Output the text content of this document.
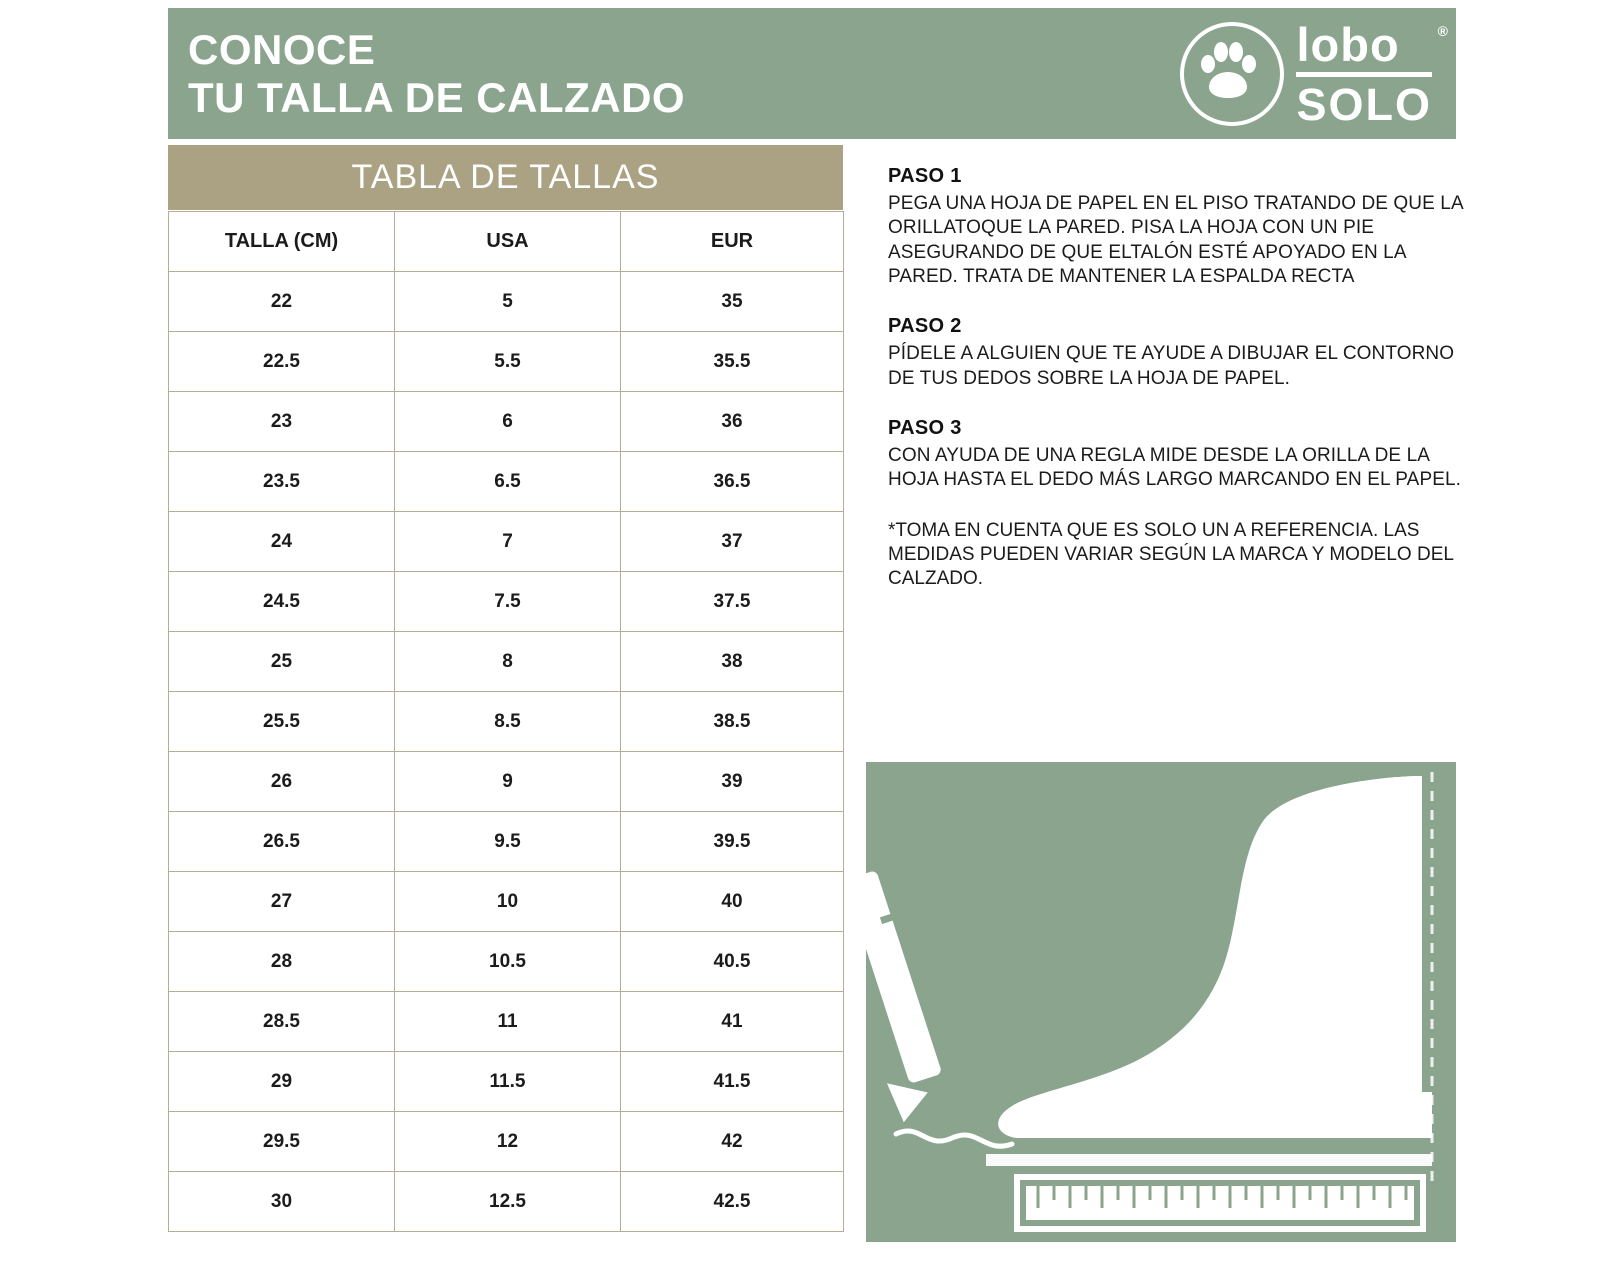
CONOCE
TU TALLA DE CALZADO
lobo
SOLO
®
TABLA DE TALLAS
TALLA (CM)	USA	EUR
22	5	35
22.5	5.5	35.5
23	6	36
23.5	6.5	36.5
24	7	37
24.5	7.5	37.5
25	8	38
25.5	8.5	38.5
26	9	39
26.5	9.5	39.5
27	10	40
28	10.5	40.5
28.5	11	41
29	11.5	41.5
29.5	12	42
30	12.5	42.5
PASO 1
PEGA UNA HOJA DE PAPEL EN EL PISO TRATANDO DE QUE LA ORILLATOQUE LA PARED. PISA LA HOJA CON UN PIE ASEGURANDO DE QUE ELTALÓN ESTÉ APOYADO EN LA PARED. TRATA DE MANTENER LA ESPALDA RECTA
PASO 2
PÍDELE A ALGUIEN QUE TE AYUDE A DIBUJAR EL CONTORNO DE TUS DEDOS SOBRE LA HOJA DE PAPEL.
PASO 3
CON AYUDA DE UNA REGLA MIDE DESDE LA ORILLA DE LA HOJA HASTA EL DEDO MÁS LARGO MARCANDO EN EL PAPEL.
*TOMA EN CUENTA QUE ES SOLO UN A REFERENCIA. LAS MEDIDAS PUEDEN VARIAR SEGÚN LA MARCA Y MODELO DEL CALZADO.
